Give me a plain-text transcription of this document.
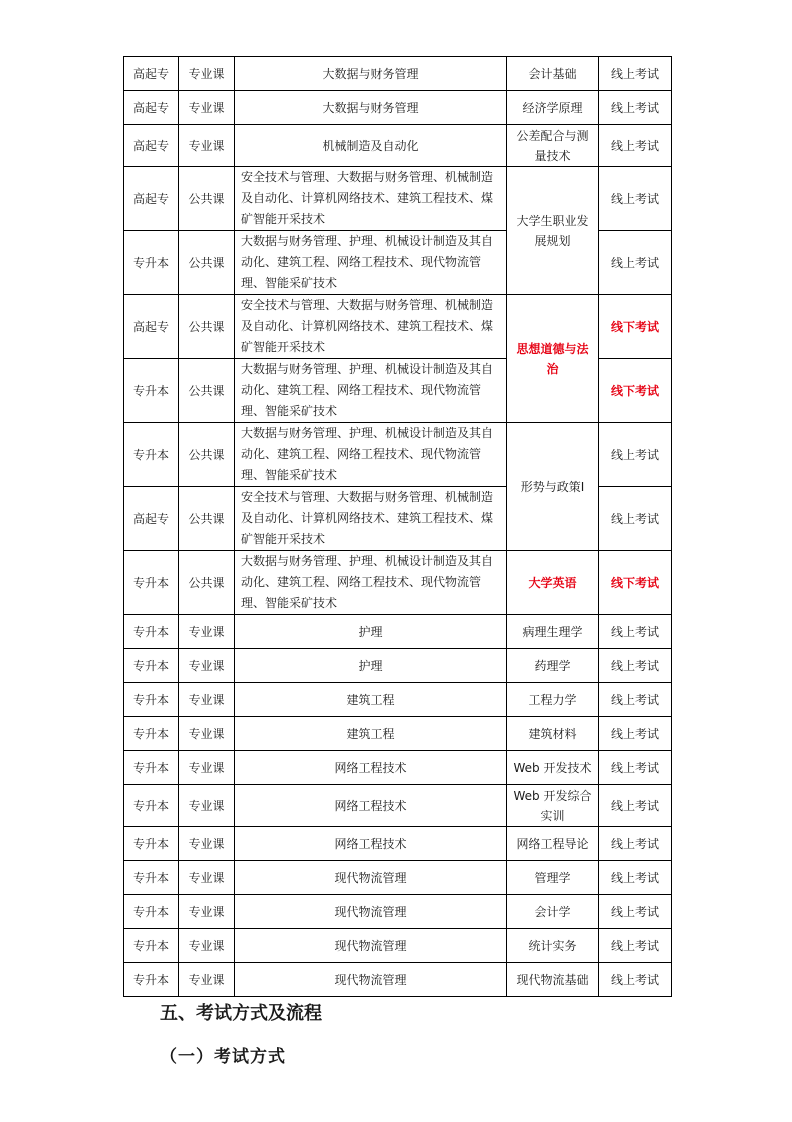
高起专	专业课	大数据与财务管理	会计基础	线上考试
高起专	专业课	大数据与财务管理	经济学原理	线上考试
高起专	专业课	机械制造及自动化	公差配合与测量技术	线上考试
高起专	公共课	安全技术与管理、大数据与财务管理、机械制造及自动化、计算机网络技术、建筑工程技术、煤矿智能开采技术	大学生职业发展规划	线上考试
专升本	公共课	大数据与财务管理、护理、机械设计制造及其自动化、建筑工程、网络工程技术、现代物流管理、智能采矿技术		线上考试
高起专	公共课	安全技术与管理、大数据与财务管理、机械制造及自动化、计算机网络技术、建筑工程技术、煤矿智能开采技术	思想道德与法治	线下考试
专升本	公共课	大数据与财务管理、护理、机械设计制造及其自动化、建筑工程、网络工程技术、现代物流管理、智能采矿技术		线下考试
专升本	公共课	大数据与财务管理、护理、机械设计制造及其自动化、建筑工程、网络工程技术、现代物流管理、智能采矿技术	形势与政策Ⅰ	线上考试
高起专	公共课	安全技术与管理、大数据与财务管理、机械制造及自动化、计算机网络技术、建筑工程技术、煤矿智能开采技术		线上考试
专升本	公共课	大数据与财务管理、护理、机械设计制造及其自动化、建筑工程、网络工程技术、现代物流管理、智能采矿技术	大学英语	线下考试
专升本	专业课	护理	病理生理学	线上考试
专升本	专业课	护理	药理学	线上考试
专升本	专业课	建筑工程	工程力学	线上考试
专升本	专业课	建筑工程	建筑材料	线上考试
专升本	专业课	网络工程技术	Web 开发技术	线上考试
专升本	专业课	网络工程技术	Web 开发综合实训	线上考试
专升本	专业课	网络工程技术	网络工程导论	线上考试
专升本	专业课	现代物流管理	管理学	线上考试
专升本	专业课	现代物流管理	会计学	线上考试
专升本	专业课	现代物流管理	统计实务	线上考试
专升本	专业课	现代物流管理	现代物流基础	线上考试
五、考试方式及流程
（一）考试方式
